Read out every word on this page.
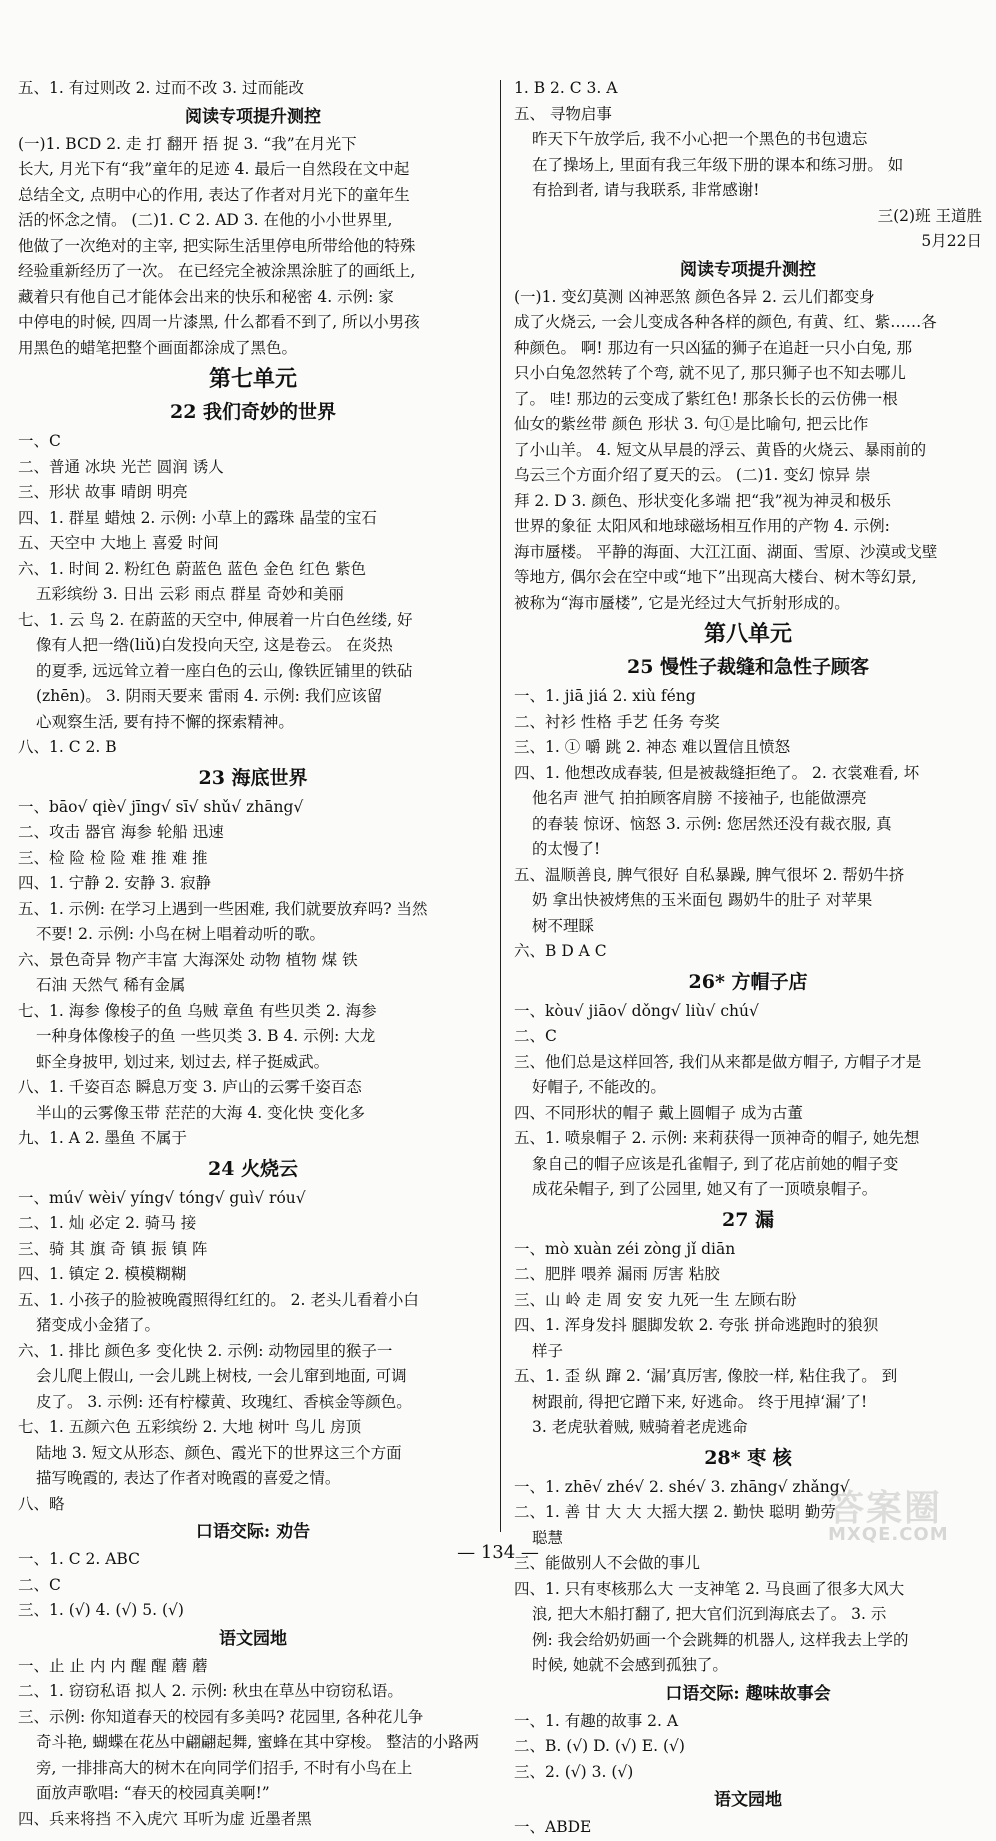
五、1. 有过则改 2. 过而不改 3. 过而能改
阅读专项提升测控
(一)1. BCD 2. 走 打 翻开 捂 捉 3. “我”在月光下
长大, 月光下有“我”童年的足迹 4. 最后一自然段在文中起
总结全文, 点明中心的作用, 表达了作者对月光下的童年生
活的怀念之情。 (二)1. C 2. AD 3. 在他的小小世界里,
他做了一次绝对的主宰, 把实际生活里停电所带给他的特殊
经验重新经历了一次。 在已经完全被涂黑涂脏了的画纸上,
藏着只有他自己才能体会出来的快乐和秘密 4. 示例: 家
中停电的时候, 四周一片漆黑, 什么都看不到了, 所以小男孩
用黑色的蜡笔把整个画面都涂成了黑色。
第七单元
22 我们奇妙的世界
一、C
二、普通 冰块 光芒 圆润 诱人
三、形状 故事 晴朗 明亮
四、1. 群星 蜡烛 2. 示例: 小草上的露珠 晶莹的宝石
五、天空中 大地上 喜爱 时间
六、1. 时间 2. 粉红色 蔚蓝色 蓝色 金色 红色 紫色
五彩缤纷 3. 日出 云彩 雨点 群星 奇妙和美丽
七、1. 云 鸟 2. 在蔚蓝的天空中, 伸展着一片白色丝缕, 好
像有人把一绺(liǔ)白发投向天空, 这是卷云。 在炎热
的夏季, 远远耸立着一座白色的云山, 像铁匠铺里的铁砧
(zhēn)。 3. 阴雨天要来 雷雨 4. 示例: 我们应该留
心观察生活, 要有持不懈的探索精神。
八、1. C 2. B
23 海底世界
一、bāo√ qiè√ jīng√ sī√ shǔ√ zhāng√
二、攻击 器官 海参 轮船 迅速
三、检 险 检 险 难 推 难 推
四、1. 宁静 2. 安静 3. 寂静
五、1. 示例: 在学习上遇到一些困难, 我们就要放弃吗? 当然
不要! 2. 示例: 小鸟在树上唱着动听的歌。
六、景色奇异 物产丰富 大海深处 动物 植物 煤 铁
石油 天然气 稀有金属
七、1. 海参 像梭子的鱼 乌贼 章鱼 有些贝类 2. 海参
一种身体像梭子的鱼 一些贝类 3. B 4. 示例: 大龙
虾全身披甲, 划过来, 划过去, 样子挺威武。
八、1. 千姿百态 瞬息万变 3. 庐山的云雾千姿百态
半山的云雾像玉带 茫茫的大海 4. 变化快 变化多
九、1. A 2. 墨鱼 不属于
24 火烧云
一、mú√ wèi√ yíng√ tóng√ guì√ róu√
二、1. 灿 必定 2. 骑马 接
三、骑 其 旗 奇 镇 振 镇 阵
四、1. 镇定 2. 模模糊糊
五、1. 小孩子的脸被晚霞照得红红的。 2. 老头儿看着小白
猪变成小金猪了。
六、1. 排比 颜色多 变化快 2. 示例: 动物园里的猴子一
会儿爬上假山, 一会儿跳上树枝, 一会儿窜到地面, 可调
皮了。 3. 示例: 还有柠檬黄、玫瑰红、香槟金等颜色。
七、1. 五颜六色 五彩缤纷 2. 大地 树叶 鸟儿 房顶
陆地 3. 短文从形态、颜色、霞光下的世界这三个方面
描写晚霞的, 表达了作者对晚霞的喜爱之情。
八、略
口语交际: 劝告
一、1. C 2. ABC
二、C
三、1. (√) 4. (√) 5. (√)
语文园地
一、止 止 内 内 醒 醒 蘑 蘑
二、1. 窃窃私语 拟人 2. 示例: 秋虫在草丛中窃窃私语。
三、示例: 你知道春天的校园有多美吗? 花园里, 各种花儿争
奇斗艳, 蝴蝶在花丛中翩翩起舞, 蜜蜂在其中穿梭。 整洁的小路两
旁, 一排排高大的树木在向同学们招手, 不时有小鸟在上
面放声歌唱: “春天的校园真美啊!”
四、兵来将挡 不入虎穴 耳听为虚 近墨者黑
1. B 2. C 3. A
五、 寻物启事
昨天下午放学后, 我不小心把一个黑色的书包遗忘
在了操场上, 里面有我三年级下册的课本和练习册。 如
有拾到者, 请与我联系, 非常感谢!
三(2)班 王道胜
5月22日
阅读专项提升测控
(一)1. 变幻莫测 凶神恶煞 颜色各异 2. 云儿们都变身
成了火烧云, 一会儿变成各种各样的颜色, 有黄、红、紫……各
种颜色。 啊! 那边有一只凶猛的狮子在追赶一只小白兔, 那
只小白兔忽然转了个弯, 就不见了, 那只狮子也不知去哪儿
了。 哇! 那边的云变成了紫红色! 那条长长的云仿佛一根
仙女的紫丝带 颜色 形状 3. 句①是比喻句, 把云比作
了小山羊。 4. 短文从早晨的浮云、黄昏的火烧云、暴雨前的
乌云三个方面介绍了夏天的云。 (二)1. 变幻 惊异 崇
拜 2. D 3. 颜色、形状变化多端 把“我”视为神灵和极乐
世界的象征 太阳风和地球磁场相互作用的产物 4. 示例:
海市蜃楼。 平静的海面、大江江面、湖面、雪原、沙漠或戈壁
等地方, 偶尔会在空中或“地下”出现高大楼台、树木等幻景,
被称为“海市蜃楼”, 它是光经过大气折射形成的。
第八单元
25 慢性子裁缝和急性子顾客
一、1. jiā jiá 2. xiù féng
二、衬衫 性格 手艺 任务 夸奖
三、1. ① 嚼 跳 2. 神态 难以置信且愤怒
四、1. 他想改成春装, 但是被裁缝拒绝了。 2. 衣裳难看, 坏
他名声 泄气 拍拍顾客肩膀 不接袖子, 也能做漂亮
的春装 惊讶、恼怒 3. 示例: 您居然还没有裁衣服, 真
的太慢了!
五、温顺善良, 脾气很好 自私暴躁, 脾气很坏 2. 帮奶牛挤
奶 拿出快被烤焦的玉米面包 踢奶牛的肚子 对苹果
树不理睬
六、B D A C
26* 方帽子店
一、kòu√ jiāo√ dǒng√ liù√ chú√
二、C
三、他们总是这样回答, 我们从来都是做方帽子, 方帽子才是
好帽子, 不能改的。
四、不同形状的帽子 戴上圆帽子 成为古董
五、1. 喷泉帽子 2. 示例: 来莉获得一顶神奇的帽子, 她先想
象自己的帽子应该是孔雀帽子, 到了花店前她的帽子变
成花朵帽子, 到了公园里, 她又有了一顶喷泉帽子。
27 漏
一、mò xuàn zéi zòng jǐ diān
二、肥胖 喂养 漏雨 厉害 粘胶
三、山 岭 走 周 安 安 九死一生 左顾右盼
四、1. 浑身发抖 腿脚发软 2. 夸张 拼命逃跑时的狼狈
样子
五、1. 歪 纵 蹿 2. ‘漏’真厉害, 像胶一样, 粘住我了。 到
树跟前, 得把它蹭下来, 好逃命。 终于甩掉‘漏’了!
3. 老虎驮着贼, 贼骑着老虎逃命
28* 枣 核
一、1. zhē√ zhé√ 2. shé√ 3. zhāng√ zhǎng√
二、1. 善 甘 大 大 大摇大摆 2. 勤快 聪明 勤劳
聪慧
三、能做别人不会做的事儿
四、1. 只有枣核那么大 一支神笔 2. 马良画了很多大风大
浪, 把大木船打翻了, 把大官们沉到海底去了。 3. 示
例: 我会给奶奶画一个会跳舞的机器人, 这样我去上学的
时候, 她就不会感到孤独了。
口语交际: 趣味故事会
一、1. 有趣的故事 2. A
二、B. (√) D. (√) E. (√)
三、2. (√) 3. (√)
语文园地
一、ABDE
— 134 —
答案圈
MXQE.COM
